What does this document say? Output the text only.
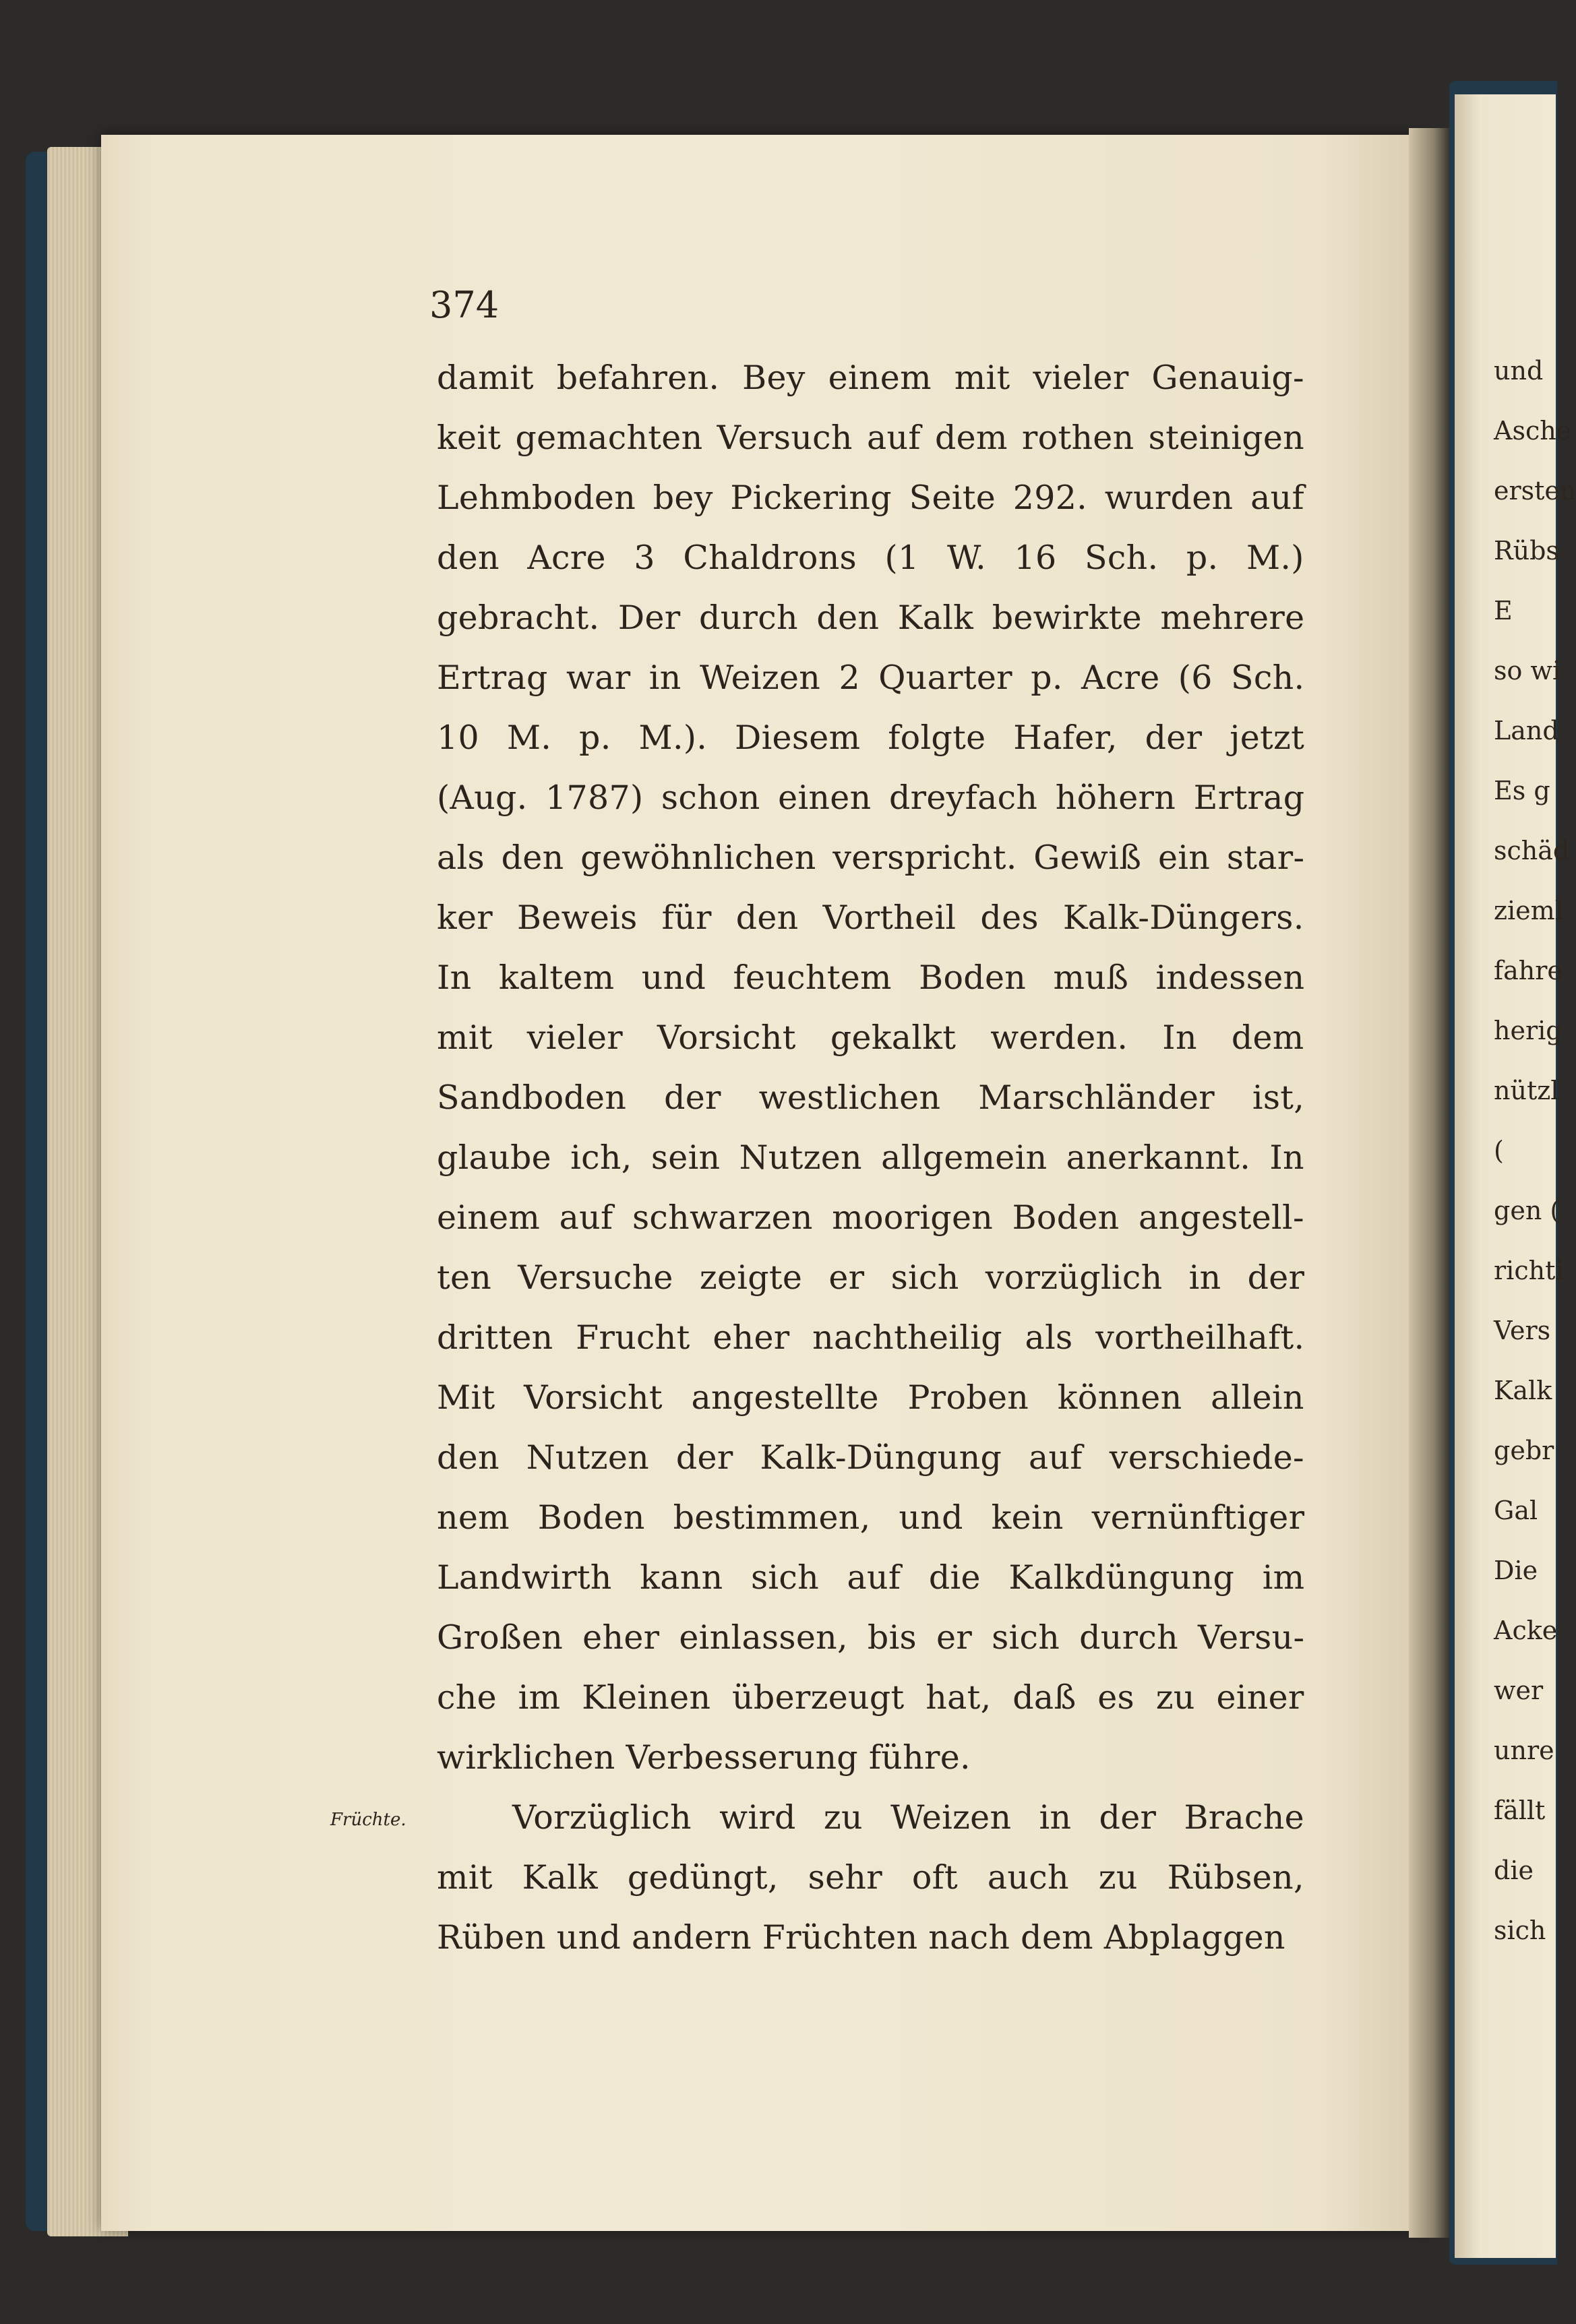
374
Früchte.
damit befahren. Bey einem mit vieler Genauig-
keit gemachten Versuch auf dem rothen steinigen
Lehmboden bey Pickering Seite 292. wurden auf
den Acre 3 Chaldrons (1 W. 16 Sch. p. M.)
gebracht. Der durch den Kalk bewirkte mehrere
Ertrag war in Weizen 2 Quarter p. Acre (6 Sch.
10 M. p. M.). Diesem folgte Hafer, der jetzt
(Aug. 1787) schon einen dreyfach höhern Ertrag
als den gewöhnlichen verspricht. Gewiß ein star-
ker Beweis für den Vortheil des Kalk-Düngers.
In kaltem und feuchtem Boden muß indessen
mit vieler Vorsicht gekalkt werden. In dem
Sandboden der westlichen Marschländer ist,
glaube ich, sein Nutzen allgemein anerkannt. In
einem auf schwarzen moorigen Boden angestell-
ten Versuche zeigte er sich vorzüglich in der
dritten Frucht eher nachtheilig als vortheilhaft.
Mit Vorsicht angestellte Proben können allein
den Nutzen der Kalk-Düngung auf verschiede-
nem Boden bestimmen, und kein vernünftiger
Landwirth kann sich auf die Kalkdüngung im
Großen eher einlassen, bis er sich durch Versu-
che im Kleinen überzeugt hat, daß es zu einer
wirklichen Verbesserung führe.
Vorzüglich wird zu Weizen in der Brache
mit Kalk gedüngt, sehr oft auch zu Rübsen,
Rüben und andern Früchten nach dem Abplaggen
und
Asche
ersten
Rübs
E
so wi
Land
Es g
schäd
zieml
fahre
herig
nützl
(
gen (
richti
Vers
Kalk
gebr
Gal
Die
Acke
wer
unre
fällt
die
sich
